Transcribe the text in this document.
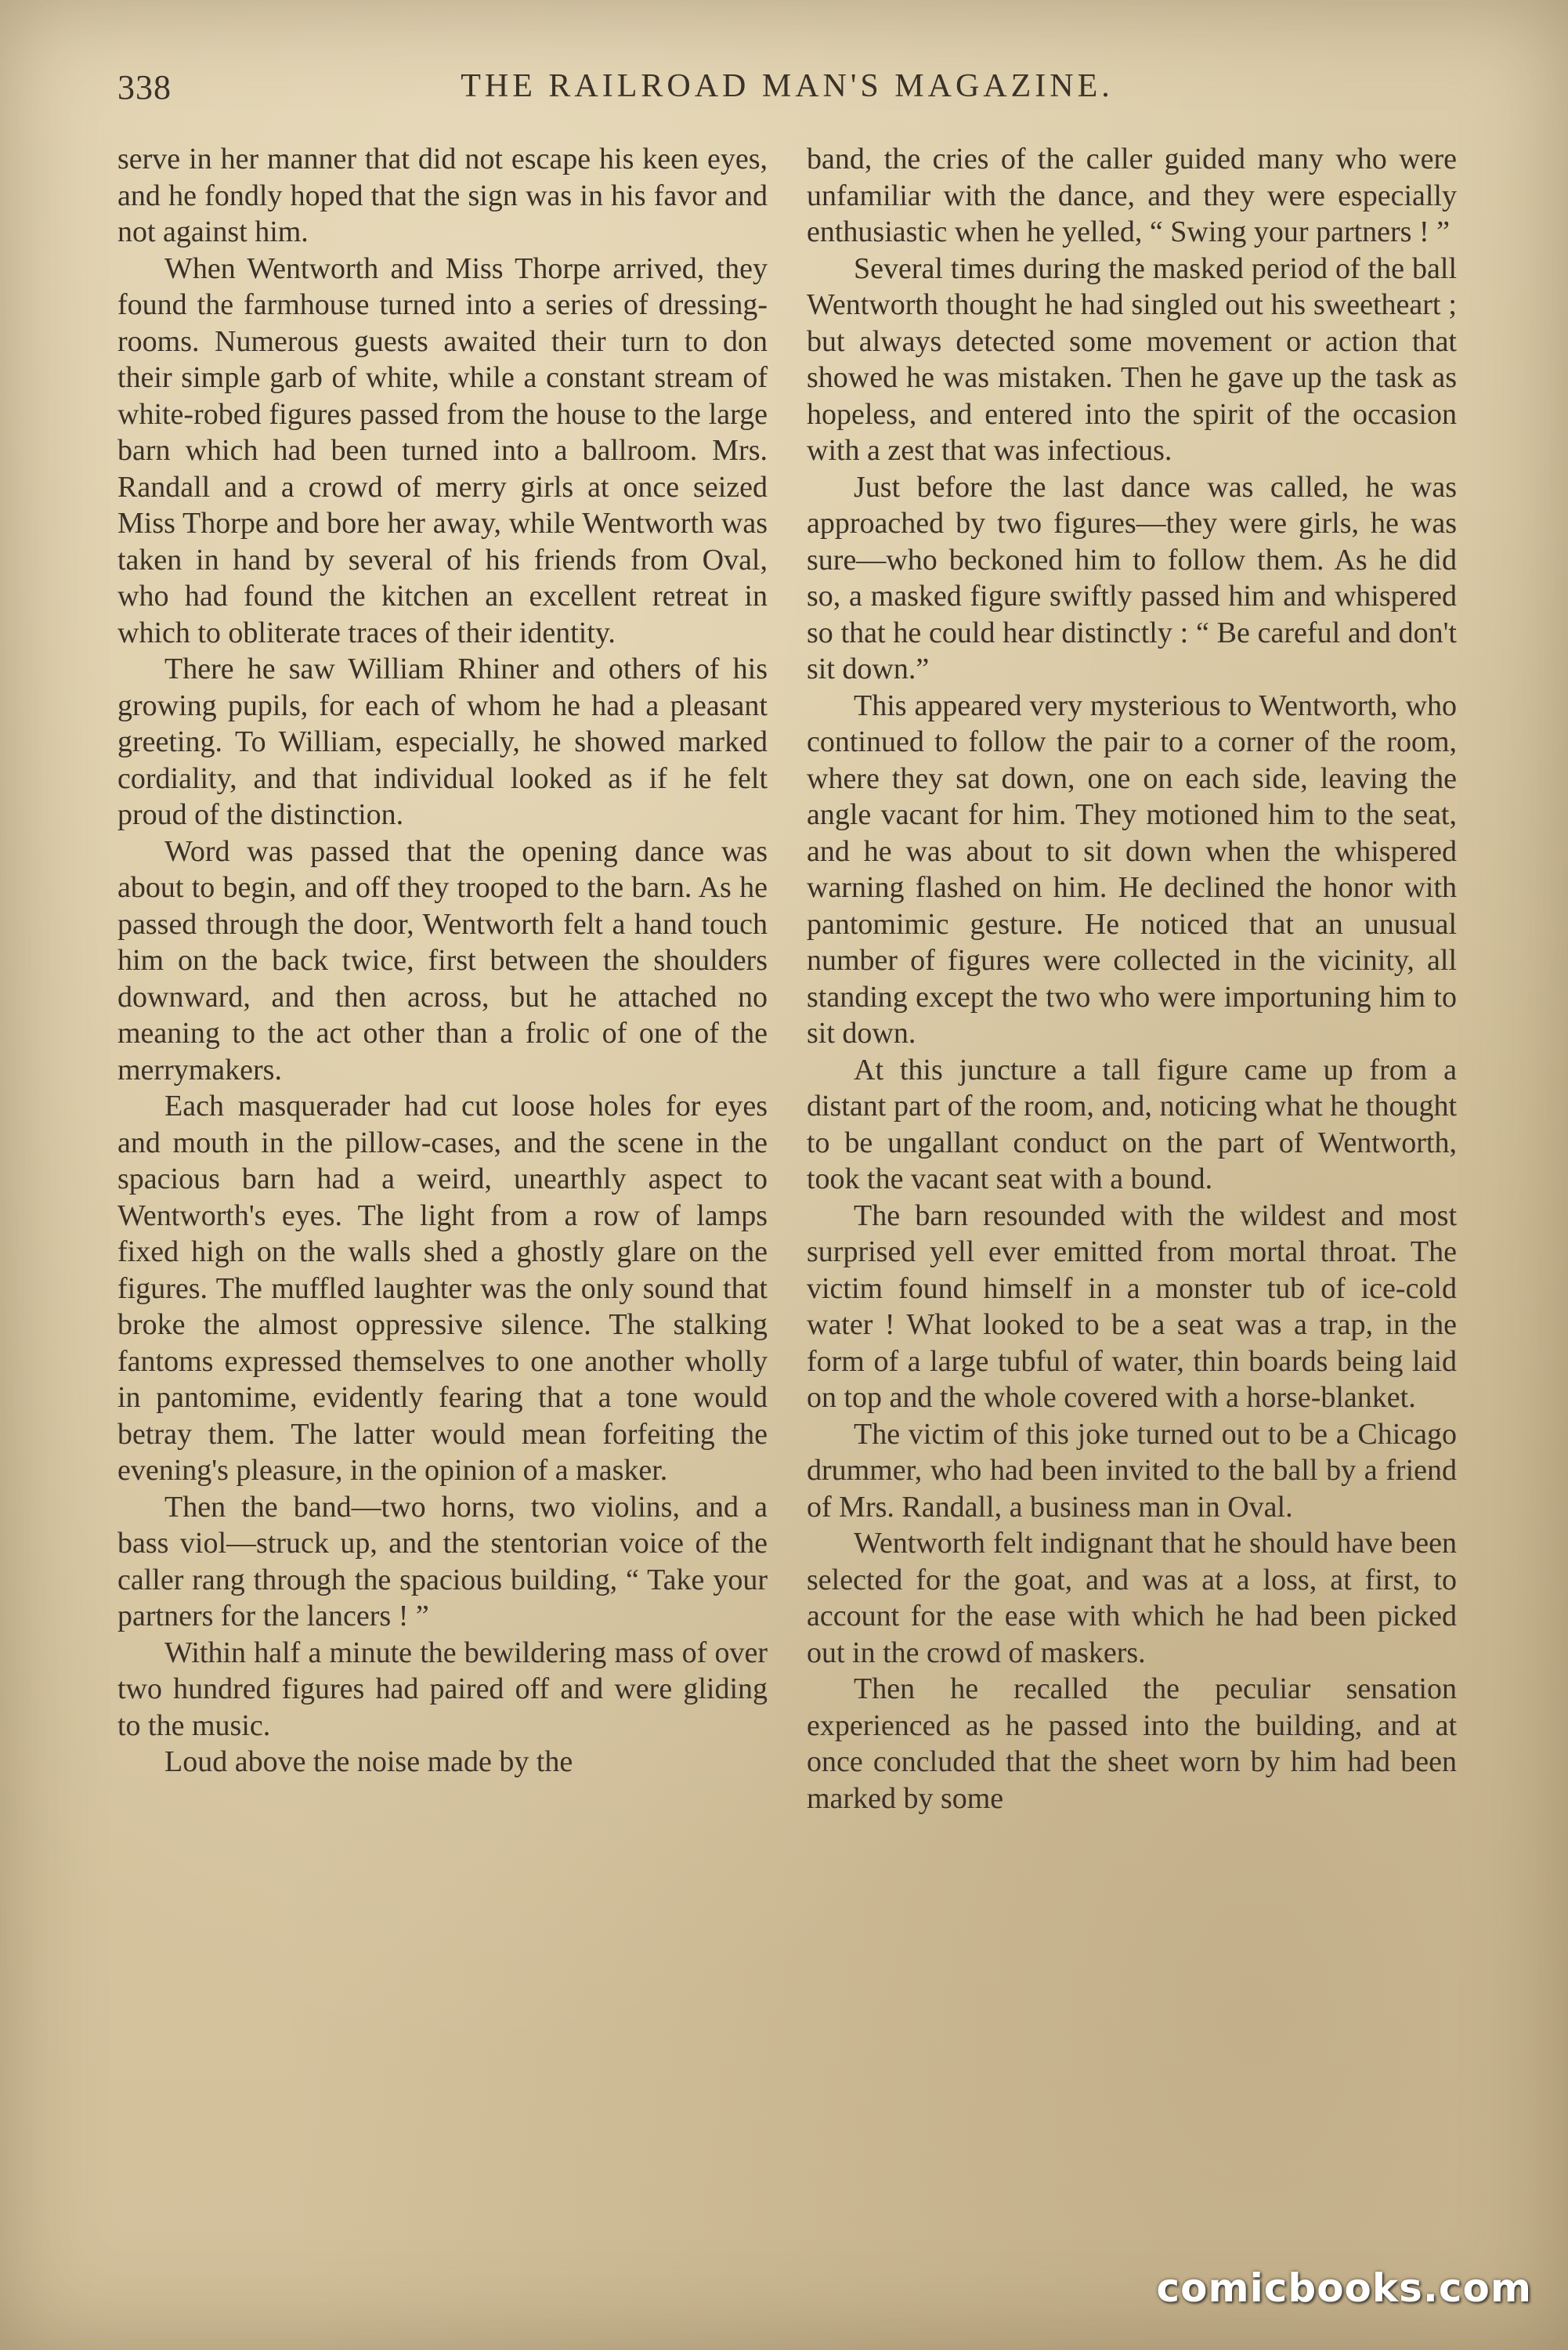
338	THE RAILROAD MAN'S MAGAZINE.

serve in her manner that did not escape his keen eyes, and he fondly hoped that the sign was in his favor and not against him.

When Wentworth and Miss Thorpe arrived, they found the farmhouse turned into a series of dressing-rooms. Numerous guests awaited their turn to don their simple garb of white, while a constant stream of white-robed figures passed from the house to the large barn which had been turned into a ballroom. Mrs. Randall and a crowd of merry girls at once seized Miss Thorpe and bore her away, while Wentworth was taken in hand by several of his friends from Oval, who had found the kitchen an excellent retreat in which to obliterate traces of their identity.

There he saw William Rhiner and others of his growing pupils, for each of whom he had a pleasant greeting. To William, especially, he showed marked cordiality, and that individual looked as if he felt proud of the distinction.

Word was passed that the opening dance was about to begin, and off they trooped to the barn. As he passed through the door, Wentworth felt a hand touch him on the back twice, first between the shoulders downward, and then across, but he attached no meaning to the act other than a frolic of one of the merrymakers.

Each masquerader had cut loose holes for eyes and mouth in the pillow-cases, and the scene in the spacious barn had a weird, unearthly aspect to Wentworth's eyes. The light from a row of lamps fixed high on the walls shed a ghostly glare on the figures. The muffled laughter was the only sound that broke the almost oppressive silence. The stalking fantoms expressed themselves to one another wholly in pantomime, evidently fearing that a tone would betray them. The latter would mean forfeiting the evening's pleasure, in the opinion of a masker.

Then the band—two horns, two violins, and a bass viol—struck up, and the stentorian voice of the caller rang through the spacious building, “ Take your partners for the lancers ! ”

Within half a minute the bewildering mass of over two hundred figures had paired off and were gliding to the music.

Loud above the noise made by the

band, the cries of the caller guided many who were unfamiliar with the dance, and they were especially enthusiastic when he yelled, “ Swing your partners ! ”

Several times during the masked period of the ball Wentworth thought he had singled out his sweetheart ; but always detected some movement or action that showed he was mistaken. Then he gave up the task as hopeless, and entered into the spirit of the occasion with a zest that was infectious.

Just before the last dance was called, he was approached by two figures—they were girls, he was sure—who beckoned him to follow them. As he did so, a masked figure swiftly passed him and whispered so that he could hear distinctly : “ Be careful and don't sit down.”

This appeared very mysterious to Wentworth, who continued to follow the pair to a corner of the room, where they sat down, one on each side, leaving the angle vacant for him. They motioned him to the seat, and he was about to sit down when the whispered warning flashed on him. He declined the honor with pantomimic gesture. He noticed that an unusual number of figures were collected in the vicinity, all standing except the two who were importuning him to sit down.

At this juncture a tall figure came up from a distant part of the room, and, noticing what he thought to be ungallant conduct on the part of Wentworth, took the vacant seat with a bound.

The barn resounded with the wildest and most surprised yell ever emitted from mortal throat. The victim found himself in a monster tub of ice-cold water ! What looked to be a seat was a trap, in the form of a large tubful of water, thin boards being laid on top and the whole covered with a horse-blanket.

The victim of this joke turned out to be a Chicago drummer, who had been invited to the ball by a friend of Mrs. Randall, a business man in Oval.

Wentworth felt indignant that he should have been selected for the goat, and was at a loss, at first, to account for the ease with which he had been picked out in the crowd of maskers.

Then he recalled the peculiar sensation experienced as he passed into the building, and at once concluded that the sheet worn by him had been marked by some

comicbooks.com
